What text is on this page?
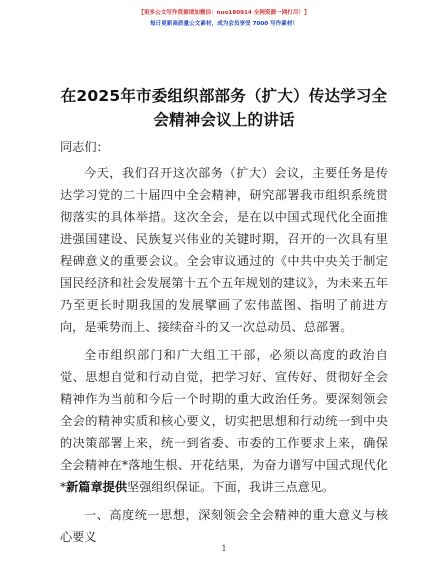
【更多公文写作资源请加微信：nuo180914 全网资源一网打尽！】
每日更新高质量公文素材，成为会员享受 7000 写作素材！
在2025年市委组织部部务（扩大）传达学习全会精神会议上的讲话

同志们：

今天，我们召开这次部务（扩大）会议，主要任务是传达学习党的二十届四中全会精神，研究部署我市组织系统贯彻落实的具体举措。这次全会，是在以中国式现代化全面推进强国建设、民族复兴伟业的关键时期，召开的一次具有里程碑意义的重要会议。全会审议通过的《中共中央关于制定国民经济和社会发展第十五个五年规划的建议》，为未来五年乃至更长时期我国的发展擘画了宏伟蓝图、指明了前进方向，是乘势而上、接续奋斗的又一次总动员、总部署。

全市组织部门和广大组工干部，必须以高度的政治自觉、思想自觉和行动自觉，把学习好、宣传好、贯彻好全会精神作为当前和今后一个时期的重大政治任务。要深刻领会全会的精神实质和核心要义，切实把思想和行动统一到中央的决策部署上来，统一到省委、市委的工作要求上来，确保全会精神在*落地生根、开花结果，为奋力谱写中国式现代化*新篇章提供坚强组织保证。下面，我讲三点意见。

一、高度统一思想，深刻领会全会精神的重大意义与核心要义

1
